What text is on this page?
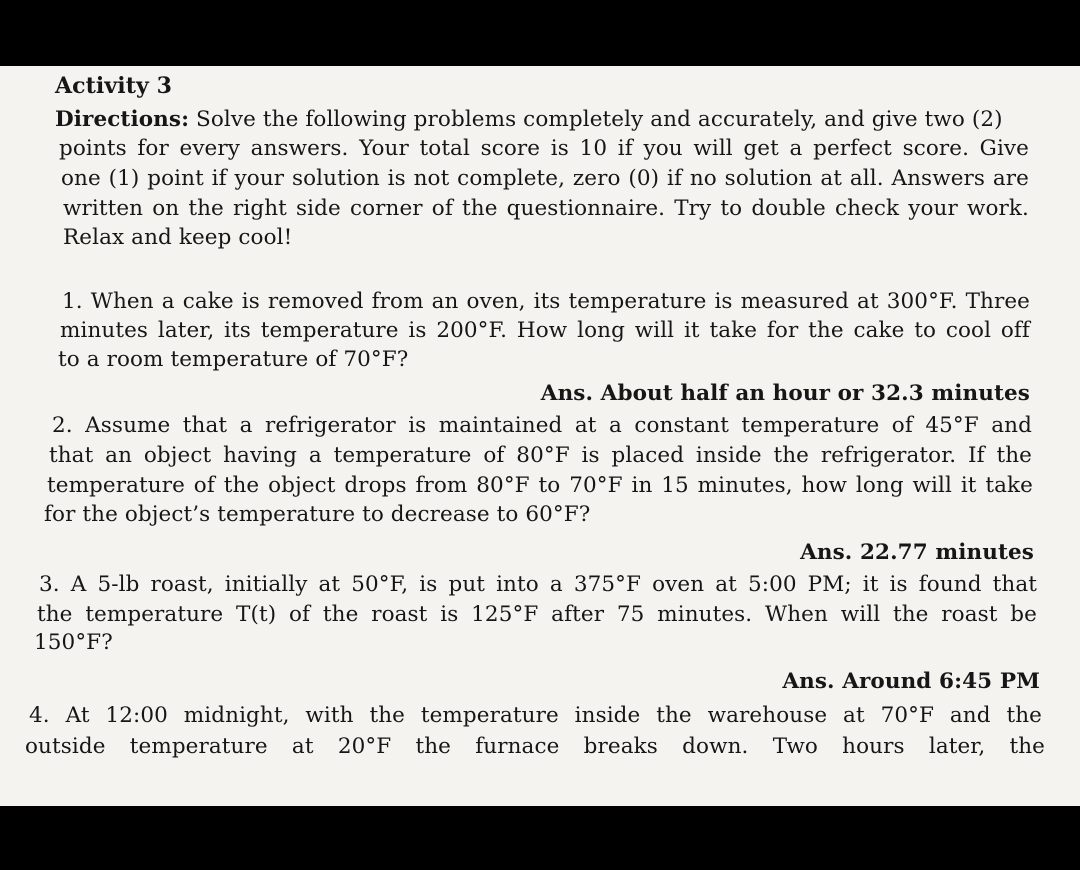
Activity 3
Directions: Solve the following problems completely and accurately, and give two (2)
points for every answers. Your total score is 10 if you will get a perfect score. Give
one (1) point if your solution is not complete, zero (0) if no solution at all. Answers are
written on the right side corner of the questionnaire. Try to double check your work.
Relax and keep cool!
1. When a cake is removed from an oven, its temperature is measured at 300°F. Three
minutes later, its temperature is 200°F. How long will it take for the cake to cool off
to a room temperature of 70°F?
Ans. About half an hour or 32.3 minutes
2. Assume that a refrigerator is maintained at a constant temperature of 45°F and
that an object having a temperature of 80°F is placed inside the refrigerator. If the
temperature of the object drops from 80°F to 70°F in 15 minutes, how long will it take
for the object’s temperature to decrease to 60°F?
Ans. 22.77 minutes
3. A 5-lb roast, initially at 50°F, is put into a 375°F oven at 5:00 PM; it is found that
the temperature T(t) of the roast is 125°F after 75 minutes. When will the roast be
150°F?
Ans. Around 6:45 PM
4. At 12:00 midnight, with the temperature inside the warehouse at 70°F and the
outside temperature at 20°F the furnace breaks down. Two hours later, the
